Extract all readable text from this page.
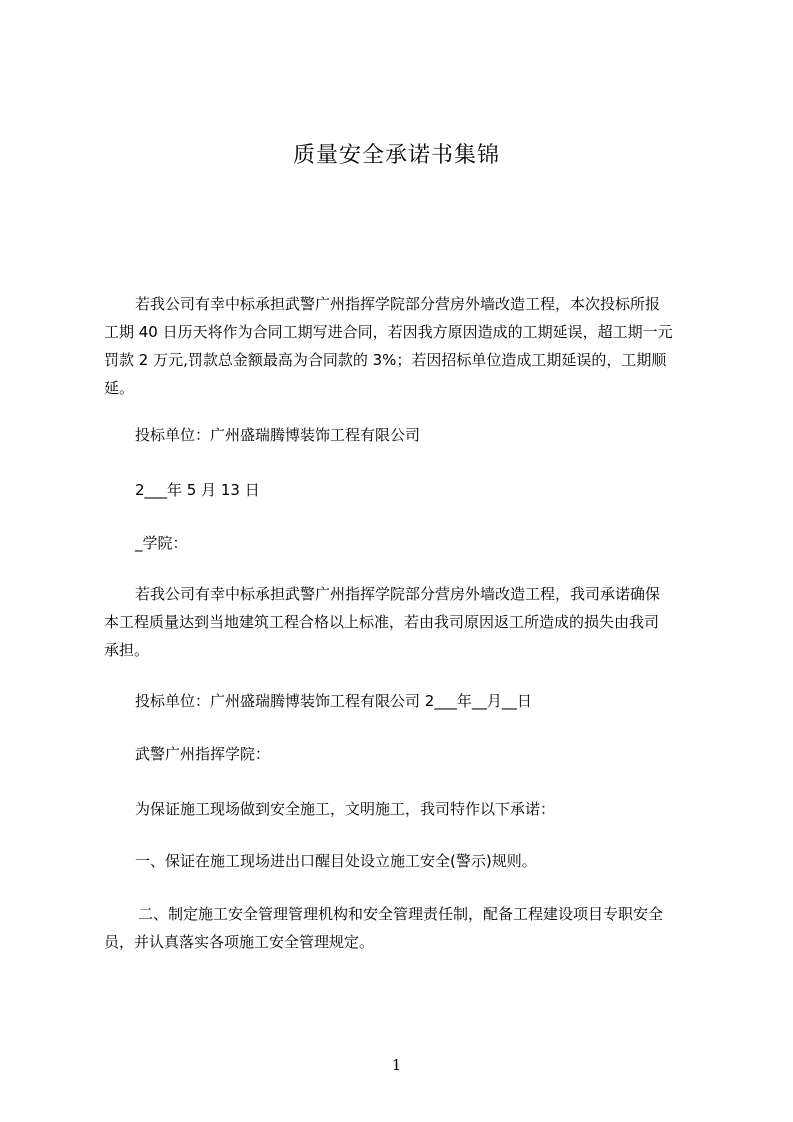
质量安全承诺书集锦
若我公司有幸中标承担武警广州指挥学院部分营房外墙改造工程，本次投标所报
工期 40 日历天将作为合同工期写进合同，若因我方原因造成的工期延误，超工期一元
罚款 2 万元,罚款总金额最高为合同款的 3%；若因招标单位造成工期延误的，工期顺
延。
投标单位：广州盛瑞腾博装饰工程有限公司
2___年 5 月 13 日
_学院：
若我公司有幸中标承担武警广州指挥学院部分营房外墙改造工程，我司承诺确保
本工程质量达到当地建筑工程合格以上标准，若由我司原因返工所造成的损失由我司
承担。
投标单位：广州盛瑞腾博装饰工程有限公司 2___年__月__日
武警广州指挥学院：
为保证施工现场做到安全施工，文明施工，我司特作以下承诺：
一、保证在施工现场进出口醒目处设立施工安全(警示)规则。
二、制定施工安全管理管理机构和安全管理责任制，配备工程建设项目专职安全
员，并认真落实各项施工安全管理规定。
1
